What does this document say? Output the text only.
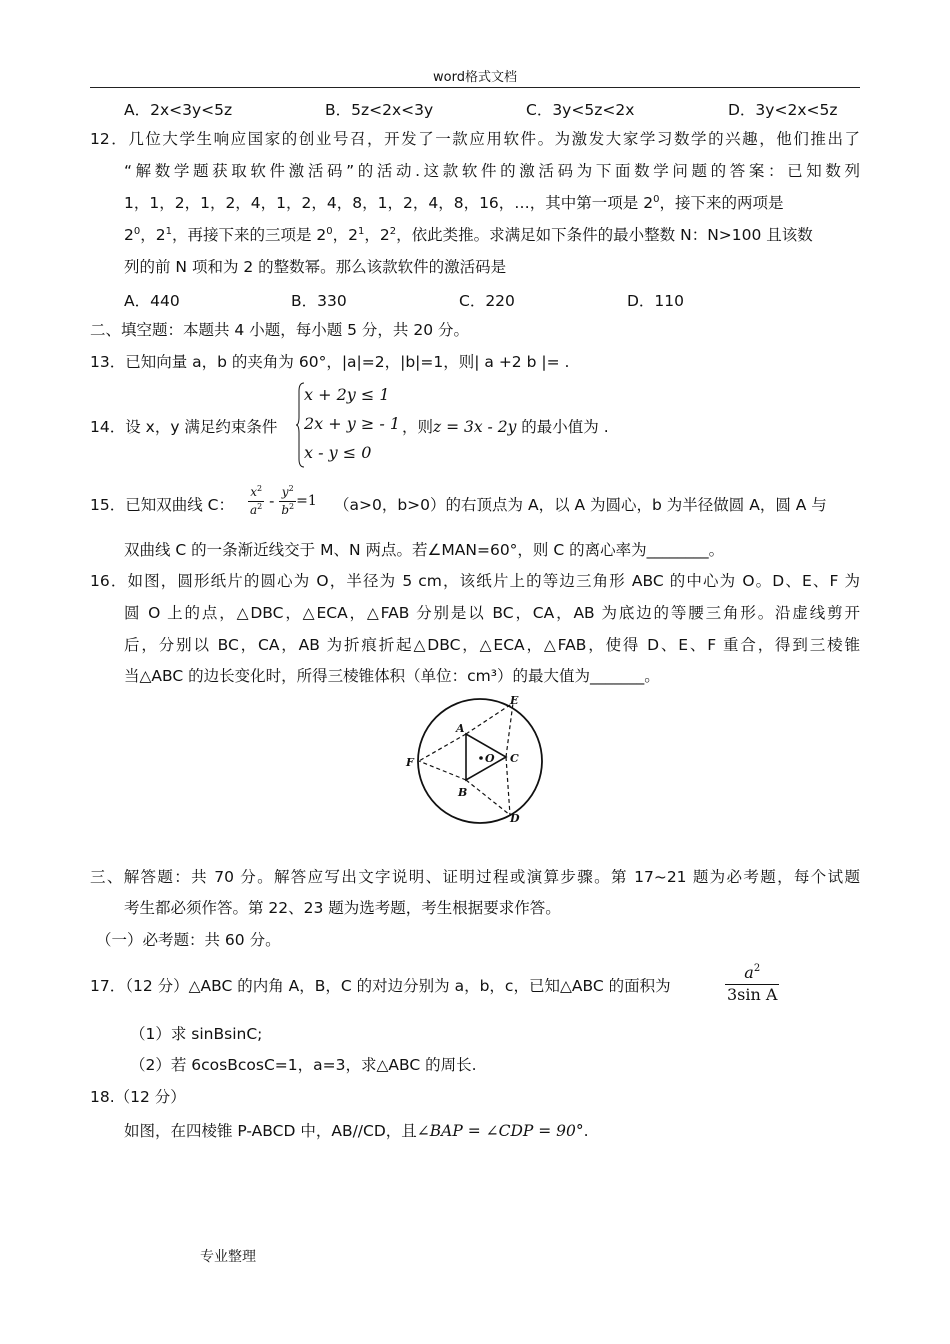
word格式文档
A．2x<3y<5z	B．5z<2x<3y	C．3y<5z<2x	D．3y<2x<5z
12．几位大学生响应国家的创业号召，开发了一款应用软件。为激发大家学习数学的兴趣，他们推出了
“解数学题获取软件激活码”的活动.这款软件的激活码为下面数学问题的答案：已知数列
1，1，2，1，2，4，1，2，4，8，1，2，4，8，16，…，其中第一项是 $2^0$，接下来的两项是
$2^0$，$2^1$，再接下来的三项是 $2^0$，$2^1$，$2^2$，依此类推。求满足如下条件的最小整数 N：N>100 且该数
列的前 N 项和为 2 的整数幂。那么该款软件的激活码是
A．440	B．330	C．220	D．110
二、填空题：本题共 4 小题，每小题 5 分，共 20 分。
13．已知向量 a，b 的夹角为 60°，|a|=2，|b|=1，则| a +2 b |= .
14．设 x，y 满足约束条件
x + 2y ≤ 1
2x + y ≥ - 1
x - y ≤ 0
，则z = 3x - 2y 的最小值为 .
15．已知双曲线 C： $\frac{x^2}{a^2} - \frac{y^2}{b^2} =1$ （a>0，b>0）的右顶点为 A，以 A 为圆心，b 为半径做圆 A，圆 A 与
双曲线 C 的一条渐近线交于 M、N 两点。若∠MAN=60°，则 C 的离心率为________。
16．如图，圆形纸片的圆心为 O，半径为 5 cm，该纸片上的等边三角形 ABC 的中心为 O。D、E、F 为
圆 O 上的点，△DBC，△ECA，△FAB 分别是以 BC，CA，AB 为底边的等腰三角形。沿虚线剪开
后，分别以 BC，CA，AB 为折痕折起△DBC，△ECA，△FAB，使得 D、E、F 重合，得到三棱锥
当△ABC 的边长变化时，所得三棱锥体积（单位：cm³）的最大值为_______。
A
B
C
O
D
E
F
三、解答题：共 70 分。解答应写出文字说明、证明过程或演算步骤。第 17~21 题为必考题，每个试题
考生都必须作答。第 22、23 题为选考题，考生根据要求作答。
（一）必考题：共 60 分。
17．（12 分）△ABC 的内角 A，B，C 的对边分别为 a，b，c，已知△ABC 的面积为	$\frac{a^2}{\text{3sin A}}$
（1）求 sinBsinC;
（2）若 6cosBcosC=1，a=3，求△ABC 的周长.
18.（12 分）
如图，在四棱锥 P-ABCD 中，AB//CD，且∠BAP = ∠CDP = 90°.
专业整理
